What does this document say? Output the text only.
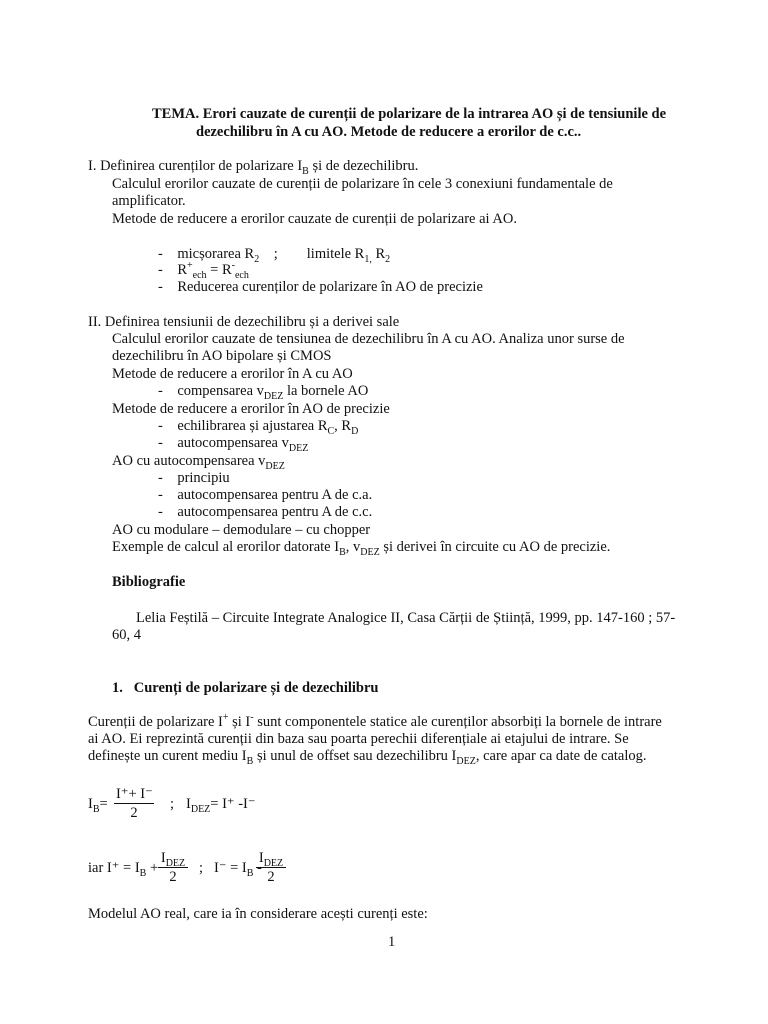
TEMA. Erori cauzate de curenții de polarizare de la intrarea AO și de tensiunile de
dezechilibru în A cu AO. Metode de reducere a erorilor de c.c..
I. Definirea curenților de polarizare $I_B$ și de dezechilibru.
Calculul erorilor cauzate de curenții de polarizare în cele 3 conexiuni fundamentale de
amplificator.
Metode de reducere a erorilor cauzate de curenții de polarizare ai AO.
-    micșorarea $R_2$    ;        limitele $R_{1,}$ $R_2$
-    $R^+_{ech} = R^-_{ech}$
-    Reducerea curenților de polarizare în AO de precizie
II. Definirea tensiunii de dezechilibru și a derivei sale
Calculul erorilor cauzate de tensiunea de dezechilibru în A cu AO. Analiza unor surse de
dezechilibru în AO bipolare și CMOS
Metode de reducere a erorilor în A cu AO
-    compensarea $v_{DEZ}$ la bornele AO
Metode de reducere a erorilor în AO de precizie
-    echilibrarea și ajustarea $R_C$, $R_D$
-    autocompensarea $v_{DEZ}$
AO cu autocompensarea $v_{DEZ}$
-    principiu
-    autocompensarea pentru A de c.a.
-    autocompensarea pentru A de c.c.
AO cu modulare – demodulare – cu chopper
Exemple de calcul al erorilor datorate $I_B$, $v_{DEZ}$ și derivei în circuite cu AO de precizie.
Bibliografie
Lelia Feștilă – Circuite Integrate Analogice II, Casa Cărții de Știință, 1999, pp. 147-160 ; 57-
60, 4
1.   Curenți de polarizare și de dezechilibru
Curenții de polarizare I+ și I- sunt componentele statice ale curenților absorbiți la bornele de intrare
ai AO. Ei reprezintă curenții din baza sau poarta perechii diferențiale ai etajului de intrare. Se
definește un curent mediu $I_B$ și unul de offset sau dezechilibru $I_{DEZ}$, care apar ca date de catalog.
$I_B= \frac{I^++ I^-}{2}$ ; $I_{DEZ}= I^+$ -I⁻
iar $I^+ = I_B$ +
$I_{DEZ}$
2
; $I^- = I_B$ -
$I_{DEZ}$
2
Modelul AO real, care ia în considerare acești curenți este:
1
